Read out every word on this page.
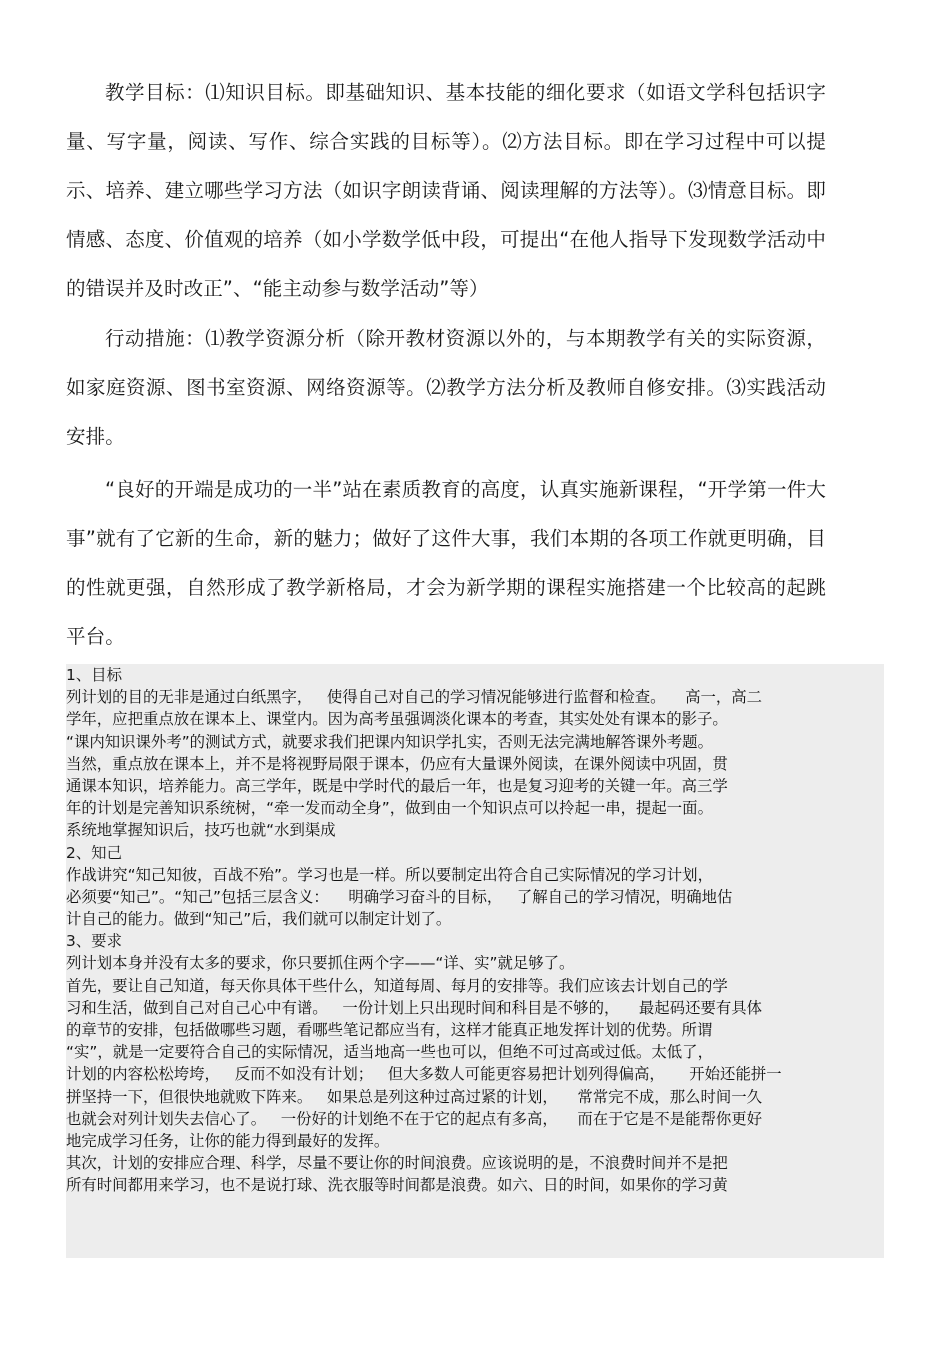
教学目标：⑴知识目标。即基础知识、基本技能的细化要求（如语文学科包括识字量、写字量，阅读、写作、综合实践的目标等）。⑵方法目标。即在学习过程中可以提示、培养、建立哪些学习方法（如识字朗读背诵、阅读理解的方法等）。⑶情意目标。即情感、态度、价值观的培养（如小学数学低中段，可提出“在他人指导下发现数学活动中的错误并及时改正”、“能主动参与数学活动”等）

行动措施：⑴教学资源分析（除开教材资源以外的，与本期教学有关的实际资源，如家庭资源、图书室资源、网络资源等。⑵教学方法分析及教师自修安排。⑶实践活动安排。

“良好的开端是成功的一半”站在素质教育的高度，认真实施新课程，“开学第一件大事”就有了它新的生命，新的魅力；做好了这件大事，我们本期的各项工作就更明确，目的性就更强，自然形成了教学新格局，才会为新学期的课程实施搭建一个比较高的起跳平台。

1、目标
列计划的目的无非是通过白纸黑字，   使得自己对自己的学习情况能够进行监督和检查。    高一，高二
学年，应把重点放在课本上、课堂内。因为高考虽强调淡化课本的考查，其实处处有课本的影子。
“课内知识课外考”的测试方式，就要求我们把课内知识学扎实，否则无法完满地解答课外考题。
当然，重点放在课本上，并不是将视野局限于课本，仍应有大量课外阅读，在课外阅读中巩固，贯
通课本知识，培养能力。高三学年，既是中学时代的最后一年，也是复习迎考的关键一年。高三学
年的计划是完善知识系统树，“牵一发而动全身”，做到由一个知识点可以拎起一串，提起一面。
系统地掌握知识后，技巧也就“水到渠成
2、知己
作战讲究“知己知彼，百战不殆”。学习也是一样。所以要制定出符合自己实际情况的学习计划，
必须要“知己”。“知己”包括三层含义：    明确学习奋斗的目标，   了解自己的学习情况，明确地估
计自己的能力。做到“知己”后，我们就可以制定计划了。
3、要求
列计划本身并没有太多的要求，你只要抓住两个字——“详、实”就足够了。
首先，要让自己知道，每天你具体干些什么，知道每周、每月的安排等。我们应该去计划自己的学
习和生活，做到自己对自己心中有谱。   一份计划上只出现时间和科目是不够的，    最起码还要有具体
的章节的安排，包括做哪些习题，看哪些笔记都应当有，这样才能真正地发挥计划的优势。所谓
“实”，就是一定要符合自己的实际情况，适当地高一些也可以，但绝不可过高或过低。太低了，
计划的内容松松垮垮，   反而不如没有计划；   但大多数人可能更容易把计划列得偏高，     开始还能拼一
拼坚持一下，但很快地就败下阵来。   如果总是列这种过高过紧的计划，    常常完不成，那么时间一久
也就会对列计划失去信心了。   一份好的计划绝不在于它的起点有多高，    而在于它是不是能帮你更好
地完成学习任务，让你的能力得到最好的发挥。
其次，计划的安排应合理、科学，尽量不要让你的时间浪费。应该说明的是，不浪费时间并不是把
所有时间都用来学习，也不是说打球、洗衣服等时间都是浪费。如六、日的时间，如果你的学习黄
